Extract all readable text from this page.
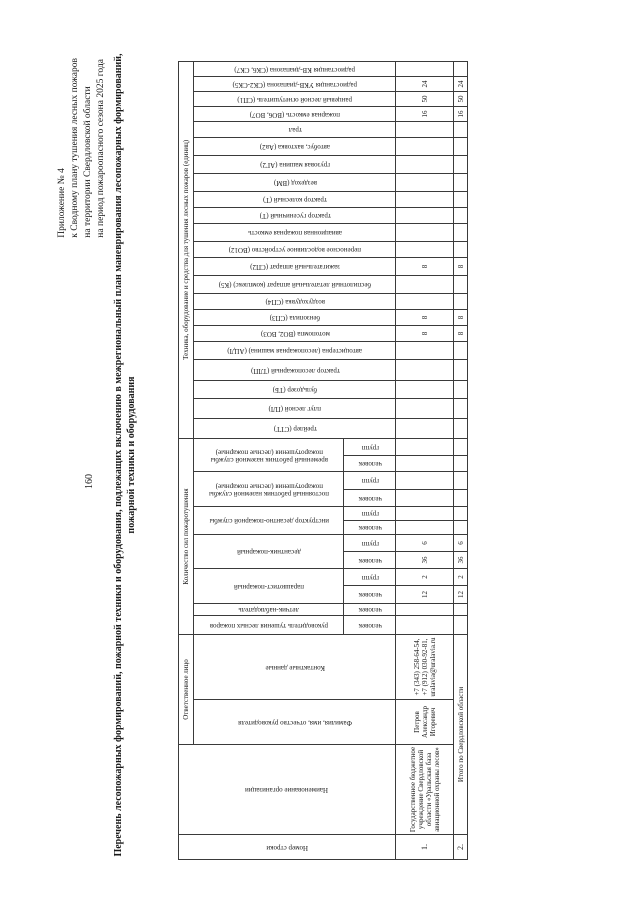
160
Приложение № 4 к Сводному плану тушения лесных пожаров на территории Свердловской области на период пожароопасного сезона 2025 года Перечень лесопожарных формирований, пожарной техники и оборудования, подлежащих включению в межрегиональный план маневрирования лесопожарных формирований, пожарной техники и оборудования
Номер строки	Наименование организации	Ответственное лицо		Количество сил пожаротушения												Техника, оборудование и средства для тушения лесных пожаров (единиц)																					

		Фамилия, имя, отчество руководителя	Контактные данные	руководитель тушения лесных пожаров	летчик-наблюдатель	парашютист-пожарный		десантник-пожарный		инструктор десантно-пожарной службы		постоянный работник наземной службы пожаротушения (лесные пожарные)		временный работник наземной службы пожаротушения (лесные пожарные)		трейлер (СТТ)	плуг лесной (ПЛ)	бульдозер (ТБ)	трактор лесопожарный (ТЛП)	автоцистерна (лесопожарная машина) (АЦЛ)	мотопомпа (ВО2, ВО3)	бензопила (СП3)	воздуходувка (СП4)	беспилотный летательный аппарат (комплекс) (К5)	зажигательный аппарат (СП2)	переносное водосливное устройство (ВО12)	авиационная пожарная емкость	трактор гусеничный (Т)	трактор колесный (Т)	вездеход (ВМ)	грузовая машина (АГ2)	автобус, вахтовка (Ав2)	трал	пожарная емкость (ВО6, ВО7)	ранцевый лесной огнетушитель (СП1)	радиостанция УКВ-диапазона (СК2-СК5)	радиостанция КВ-диапазона (СК6, СК7)

				человек	человек	человек	групп	человек	групп	человек	групп	человек	групп	человек	групп																						

1.	Государственное бюджетное учреждение Свердловской области «Уральская база авиационной охраны лесов»	Петров Александр Игоревич	+7 (343) 258-64-54, +7 (912) 030-92-81, uralavia@uralavia.ru			12	2	36	6												8	8			8									16	50	24	
2.	Итого по Свердловской области					12	2	36	6												8	8			8									16	50	24	
